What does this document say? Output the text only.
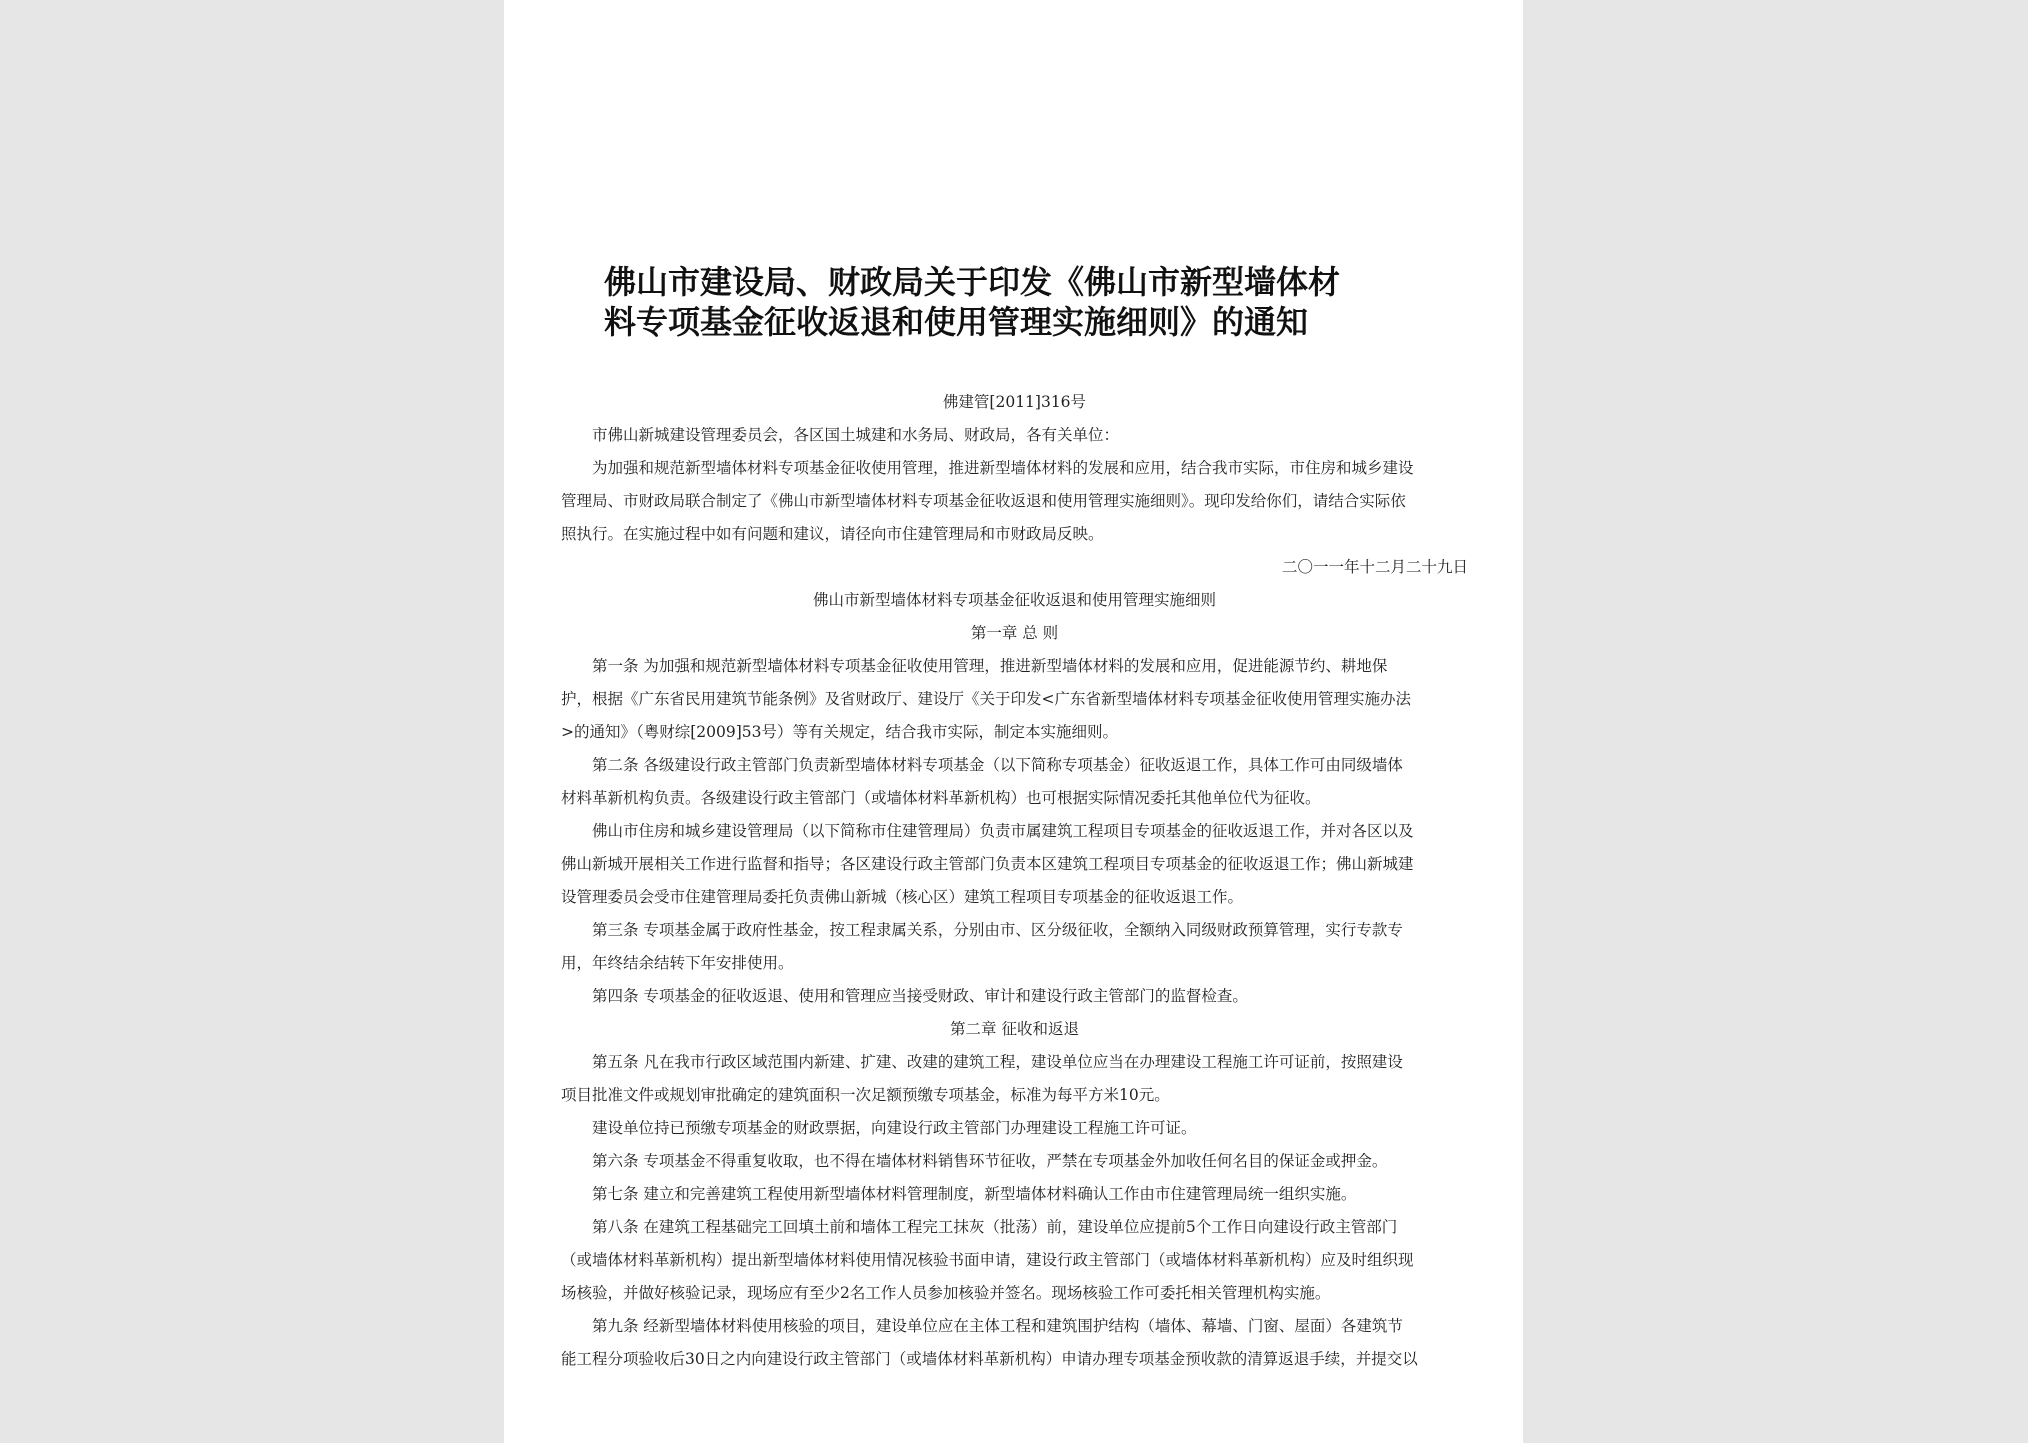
佛山市建设局、财政局关于印发《佛山市新型墙体材
料专项基金征收返退和使用管理实施细则》的通知

佛建管[2011]316号

市佛山新城建设管理委员会，各区国土城建和水务局、财政局，各有关单位：

为加强和规范新型墙体材料专项基金征收使用管理，推进新型墙体材料的发展和应用，结合我市实际，市住房和城乡建设

管理局、市财政局联合制定了《佛山市新型墙体材料专项基金征收返退和使用管理实施细则》。现印发给你们，请结合实际依

照执行。在实施过程中如有问题和建议，请径向市住建管理局和市财政局反映。

二〇一一年十二月二十九日

佛山市新型墙体材料专项基金征收返退和使用管理实施细则

第一章 总 则

第一条 为加强和规范新型墙体材料专项基金征收使用管理，推进新型墙体材料的发展和应用，促进能源节约、耕地保

护，根据《广东省民用建筑节能条例》及省财政厅、建设厅《关于印发<广东省新型墙体材料专项基金征收使用管理实施办法

>的通知》（粤财综[2009]53号）等有关规定，结合我市实际，制定本实施细则。

第二条 各级建设行政主管部门负责新型墙体材料专项基金（以下简称专项基金）征收返退工作，具体工作可由同级墙体

材料革新机构负责。各级建设行政主管部门（或墙体材料革新机构）也可根据实际情况委托其他单位代为征收。

佛山市住房和城乡建设管理局（以下简称市住建管理局）负责市属建筑工程项目专项基金的征收返退工作，并对各区以及

佛山新城开展相关工作进行监督和指导；各区建设行政主管部门负责本区建筑工程项目专项基金的征收返退工作；佛山新城建

设管理委员会受市住建管理局委托负责佛山新城（核心区）建筑工程项目专项基金的征收返退工作。

第三条 专项基金属于政府性基金，按工程隶属关系，分别由市、区分级征收，全额纳入同级财政预算管理，实行专款专

用，年终结余结转下年安排使用。

第四条 专项基金的征收返退、使用和管理应当接受财政、审计和建设行政主管部门的监督检查。

第二章 征收和返退

第五条 凡在我市行政区域范围内新建、扩建、改建的建筑工程，建设单位应当在办理建设工程施工许可证前，按照建设

项目批准文件或规划审批确定的建筑面积一次足额预缴专项基金，标准为每平方米10元。

建设单位持已预缴专项基金的财政票据，向建设行政主管部门办理建设工程施工许可证。

第六条 专项基金不得重复收取，也不得在墙体材料销售环节征收，严禁在专项基金外加收任何名目的保证金或押金。

第七条 建立和完善建筑工程使用新型墙体材料管理制度，新型墙体材料确认工作由市住建管理局统一组织实施。

第八条 在建筑工程基础完工回填土前和墙体工程完工抹灰（批荡）前，建设单位应提前5个工作日向建设行政主管部门

（或墙体材料革新机构）提出新型墙体材料使用情况核验书面申请，建设行政主管部门（或墙体材料革新机构）应及时组织现

场核验，并做好核验记录，现场应有至少2名工作人员参加核验并签名。现场核验工作可委托相关管理机构实施。

第九条 经新型墙体材料使用核验的项目，建设单位应在主体工程和建筑围护结构（墙体、幕墙、门窗、屋面）各建筑节

能工程分项验收后30日之内向建设行政主管部门（或墙体材料革新机构）申请办理专项基金预收款的清算返退手续，并提交以
